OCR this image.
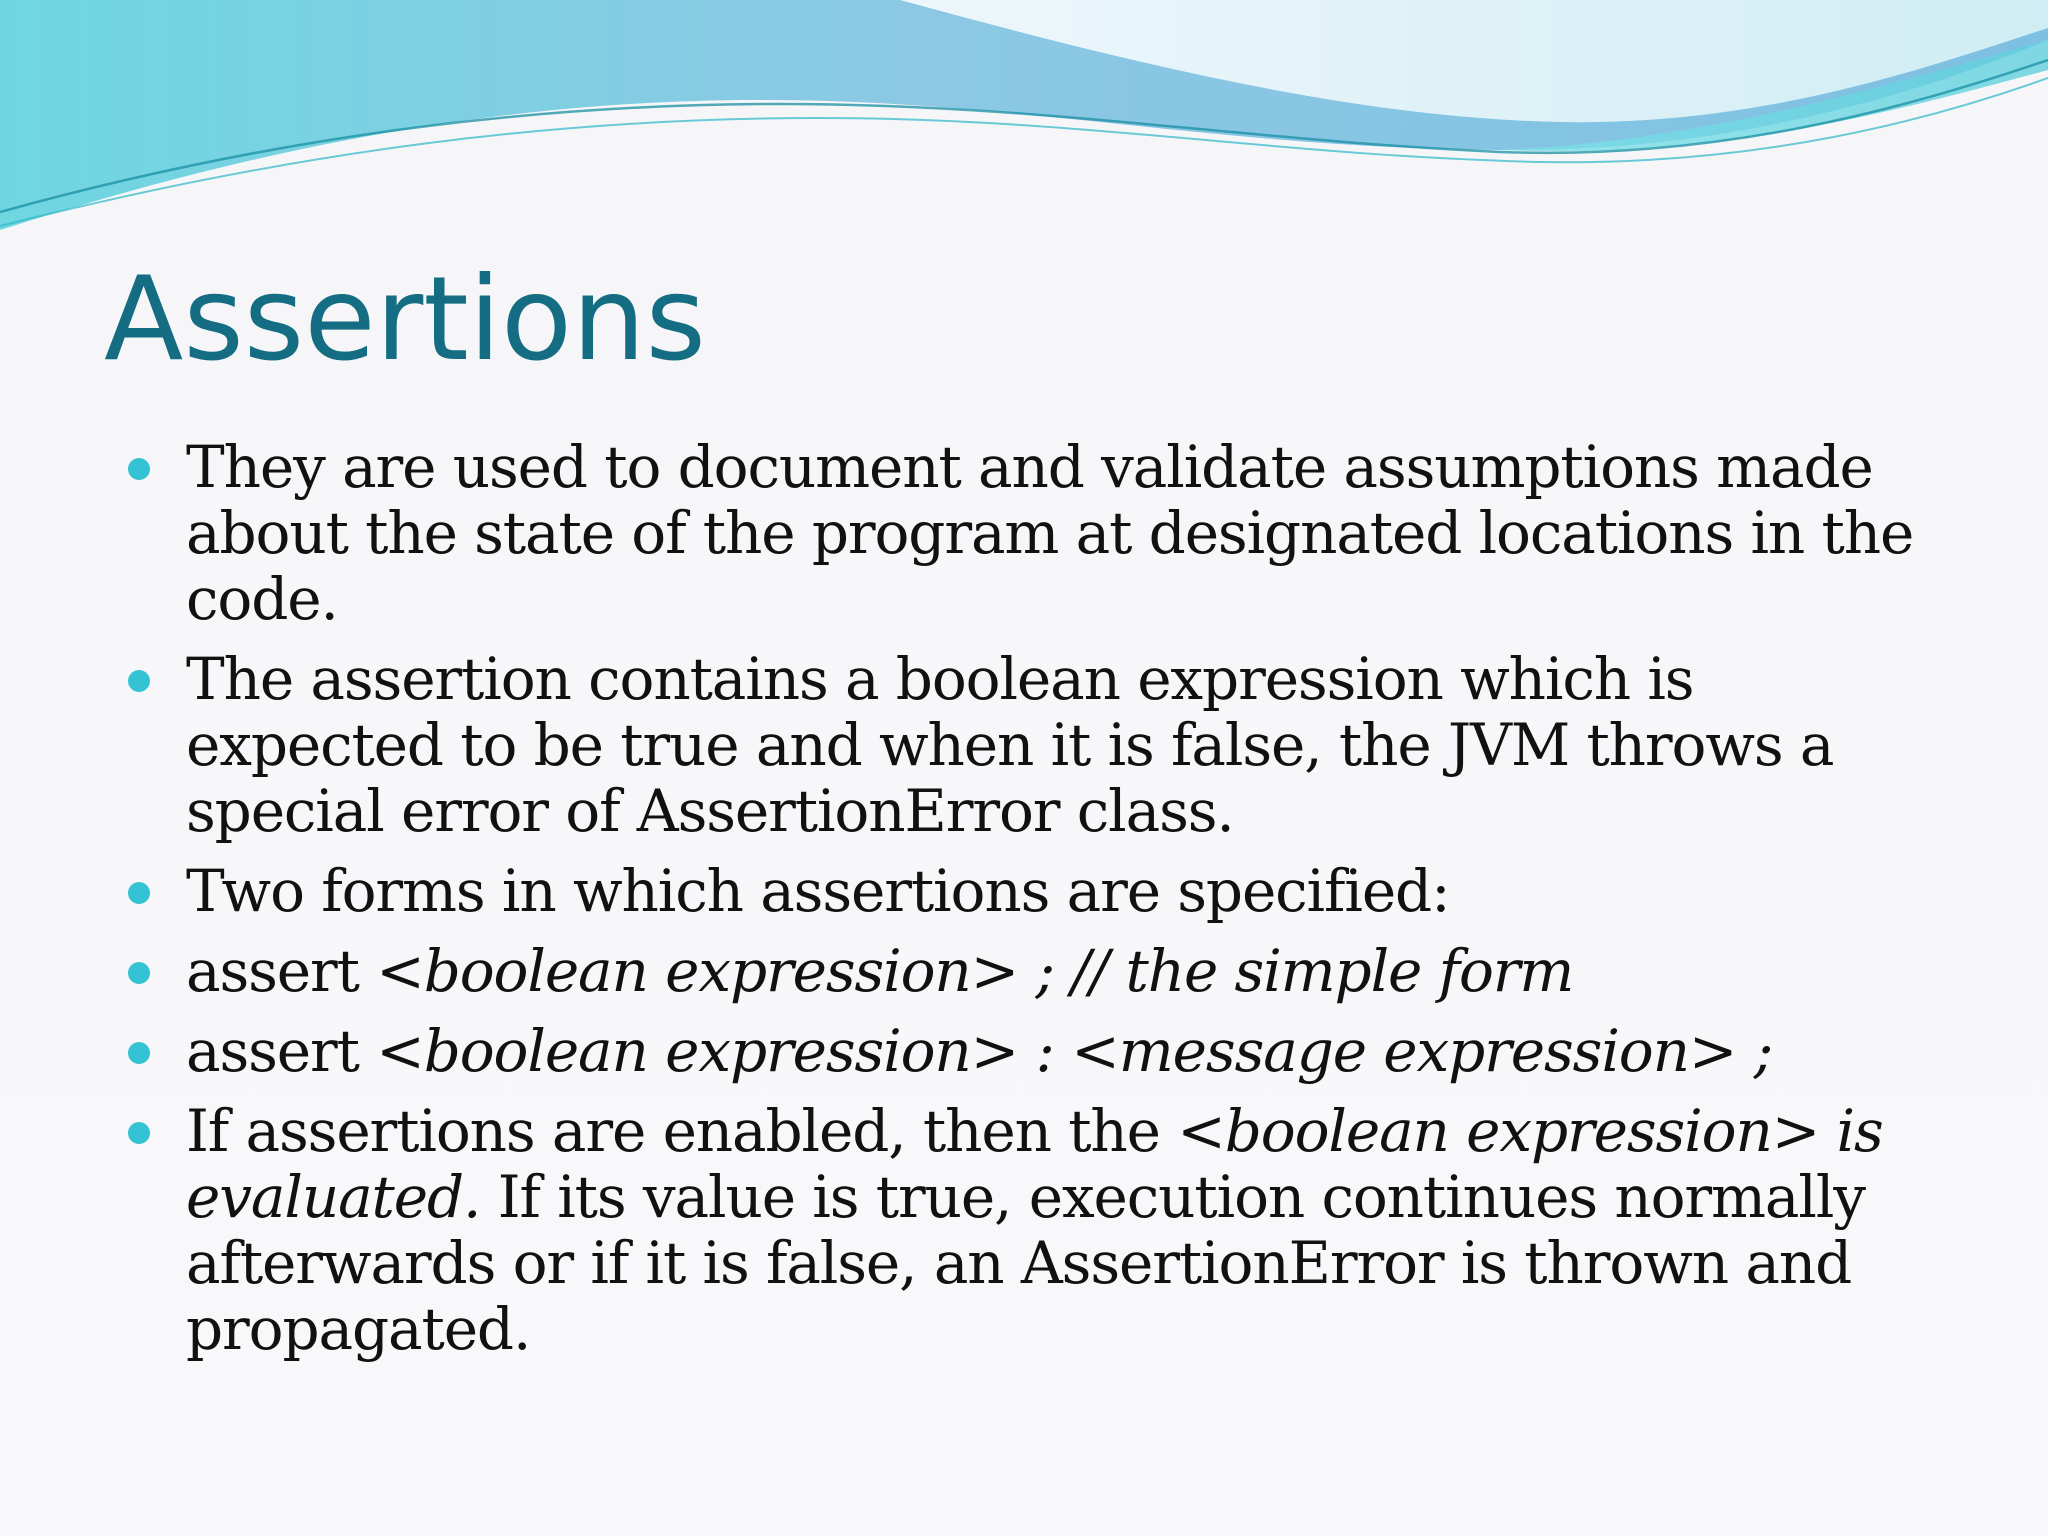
Assertions
They are used to document and validate assumptions made about the state of the program at designated locations in the code.
The assertion contains a boolean expression which is expected to be true and when it is false, the JVM throws a special error of AssertionError class.
Two forms in which assertions are specified:
assert <boolean expression> ; // the simple form
assert <boolean expression> : <message expression> ;
If assertions are enabled, then the <boolean expression> is evaluated. If its value is true, execution continues normally afterwards or if it is false, an AssertionError is thrown and propagated.
